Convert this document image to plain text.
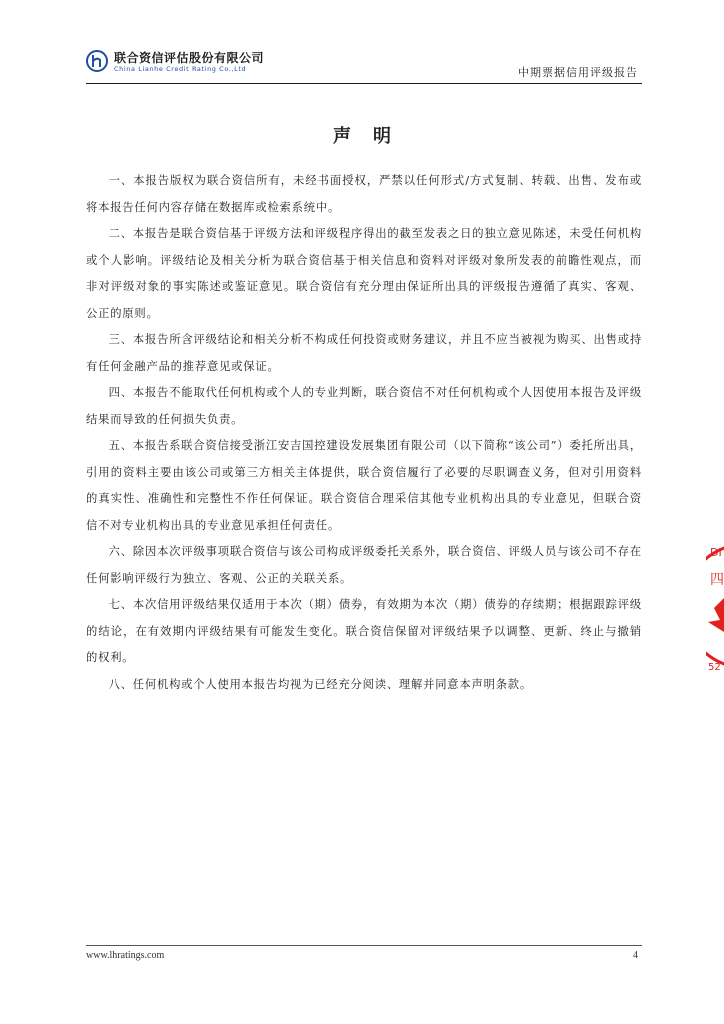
联合资信评估股份有限公司
China Lianhe Credit Rating Co.,Ltd	中期票据信用评级报告
声明

一、本报告版权为联合资信所有，未经书面授权，严禁以任何形式/方式复制、转载、出售、发布或将本报告任何内容存储在数据库或检索系统中。

二、本报告是联合资信基于评级方法和评级程序得出的截至发表之日的独立意见陈述，未受任何机构或个人影响。评级结论及相关分析为联合资信基于相关信息和资料对评级对象所发表的前瞻性观点，而非对评级对象的事实陈述或鉴证意见。联合资信有充分理由保证所出具的评级报告遵循了真实、客观、公正的原则。

三、本报告所含评级结论和相关分析不构成任何投资或财务建议，并且不应当被视为购买、出售或持有任何金融产品的推荐意见或保证。

四、本报告不能取代任何机构或个人的专业判断，联合资信不对任何机构或个人因使用本报告及评级结果而导致的任何损失负责。

五、本报告系联合资信接受浙江安吉国控建设发展集团有限公司（以下简称“该公司”）委托所出具，引用的资料主要由该公司或第三方相关主体提供，联合资信履行了必要的尽职调查义务，但对引用资料的真实性、准确性和完整性不作任何保证。联合资信合理采信其他专业机构出具的专业意见，但联合资信不对专业机构出具的专业意见承担任何责任。

六、除因本次评级事项联合资信与该公司构成评级委托关系外，联合资信、评级人员与该公司不存在任何影响评级行为独立、客观、公正的关联关系。

七、本次信用评级结果仅适用于本次（期）债券，有效期为本次（期）债券的存续期；根据跟踪评级的结论，在有效期内评级结果有可能发生变化。联合资信保留对评级结果予以调整、更新、终止与撤销的权利。

八、任何机构或个人使用本报告均视为已经充分阅读、理解并同意本声明条款。

DI
四
52
www.lhratings.com	4
